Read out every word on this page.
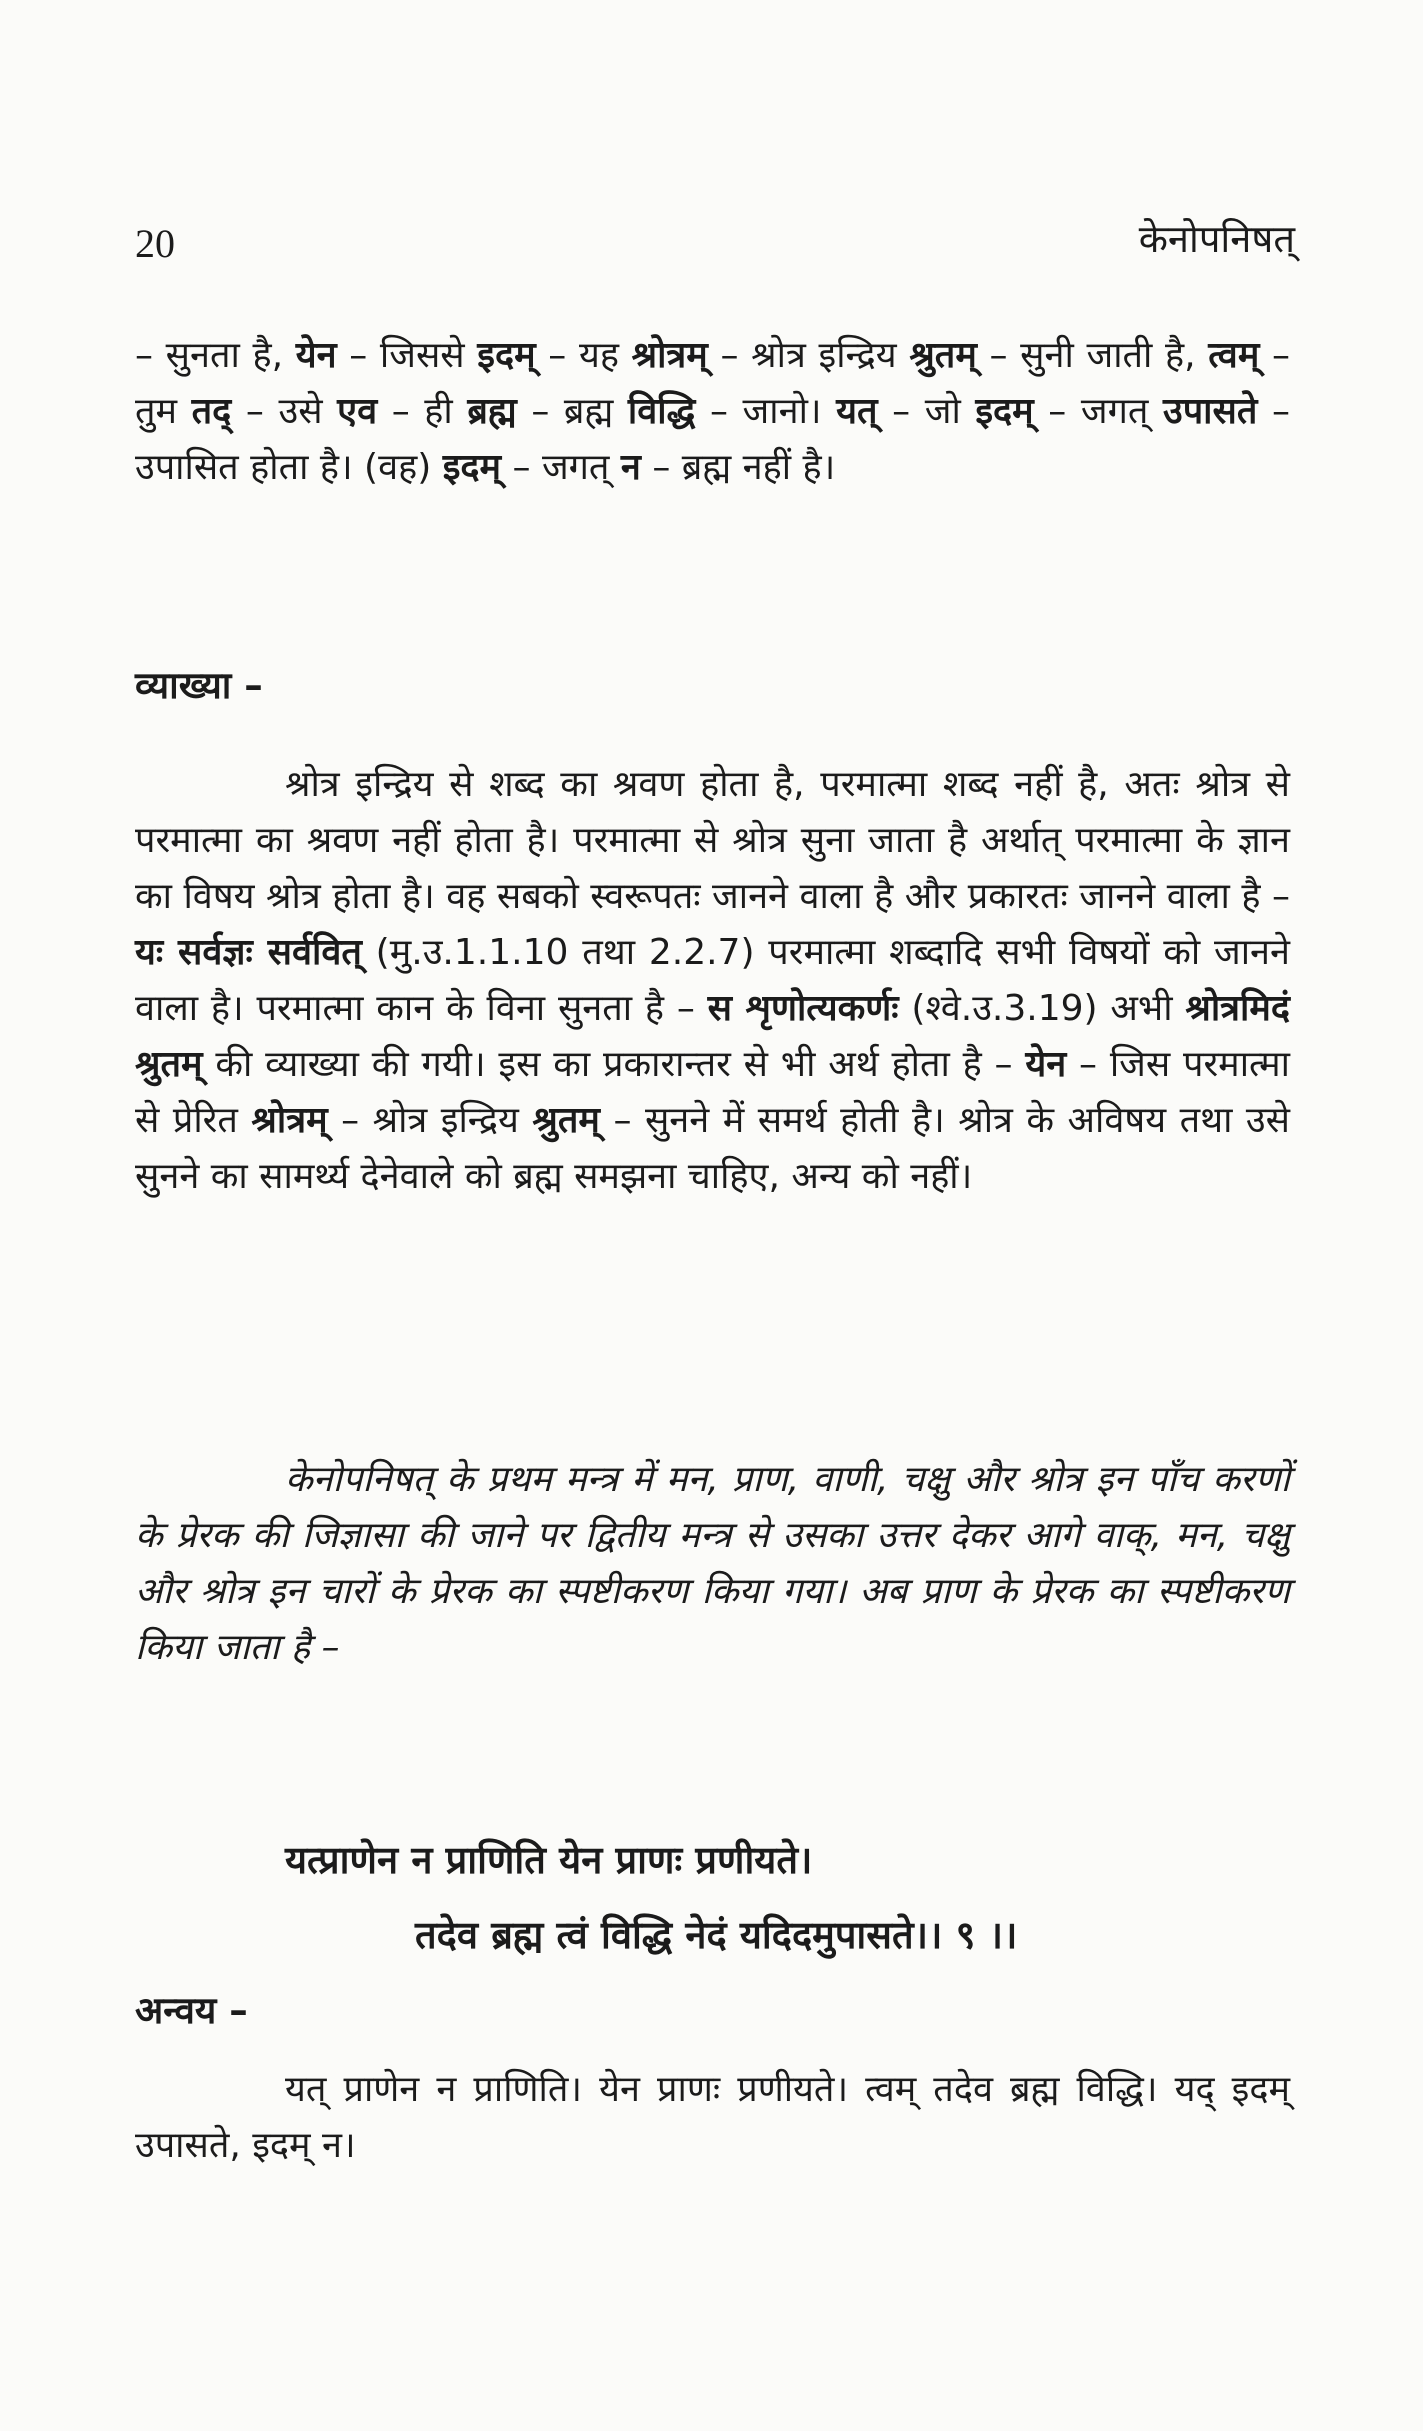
20	केनोपनिषत्
– सुनता है, येन – जिससे इदम् – यह श्रोत्रम् – श्रोत्र इन्द्रिय श्रुतम् – सुनी जाती है, त्वम् – तुम तद् – उसे एव – ही ब्रह्म – ब्रह्म विद्धि – जानो। यत् – जो इदम् – जगत् उपासते – उपासित होता है। (वह) इदम् – जगत् न – ब्रह्म नहीं है।
व्याख्या –
श्रोत्र इन्द्रिय से शब्द का श्रवण होता है, परमात्मा शब्द नहीं है, अतः श्रोत्र से परमात्मा का श्रवण नहीं होता है। परमात्मा से श्रोत्र सुना जाता है अर्थात् परमात्मा के ज्ञान का विषय श्रोत्र होता है। वह सबको स्वरूपतः जानने वाला है और प्रकारतः जानने वाला है – यः सर्वज्ञः सर्ववित् (मु.उ.1.1.10 तथा 2.2.7) परमात्मा शब्दादि सभी विषयों को जानने वाला है। परमात्मा कान के विना सुनता है – स शृणोत्यकर्णः (श्वे.उ.3.19) अभी श्रोत्रमिदं श्रुतम् की व्याख्या की गयी। इस का प्रकारान्तर से भी अर्थ होता है – येन – जिस परमात्मा से प्रेरित श्रोत्रम् – श्रोत्र इन्द्रिय श्रुतम् – सुनने में समर्थ होती है। श्रोत्र के अविषय तथा उसे सुनने का सामर्थ्य देनेवाले को ब्रह्म समझना चाहिए, अन्य को नहीं।
केनोपनिषत् के प्रथम मन्त्र में मन, प्राण, वाणी, चक्षु और श्रोत्र इन पाँच करणों के प्रेरक की जिज्ञासा की जाने पर द्वितीय मन्त्र से उसका उत्तर देकर आगे वाक्, मन, चक्षु और श्रोत्र इन चारों के प्रेरक का स्पष्टीकरण किया गया। अब प्राण के प्रेरक का स्पष्टीकरण किया जाता है –
यत्प्राणेन न प्राणिति येन प्राणः प्रणीयते।
तदेव ब्रह्म त्वं विद्धि नेदं यदिदमुपासते।। ९ ।।
अन्वय –
यत् प्राणेन न प्राणिति। येन प्राणः प्रणीयते। त्वम् तदेव ब्रह्म विद्धि। यद् इदम् उपासते, इदम् न।
